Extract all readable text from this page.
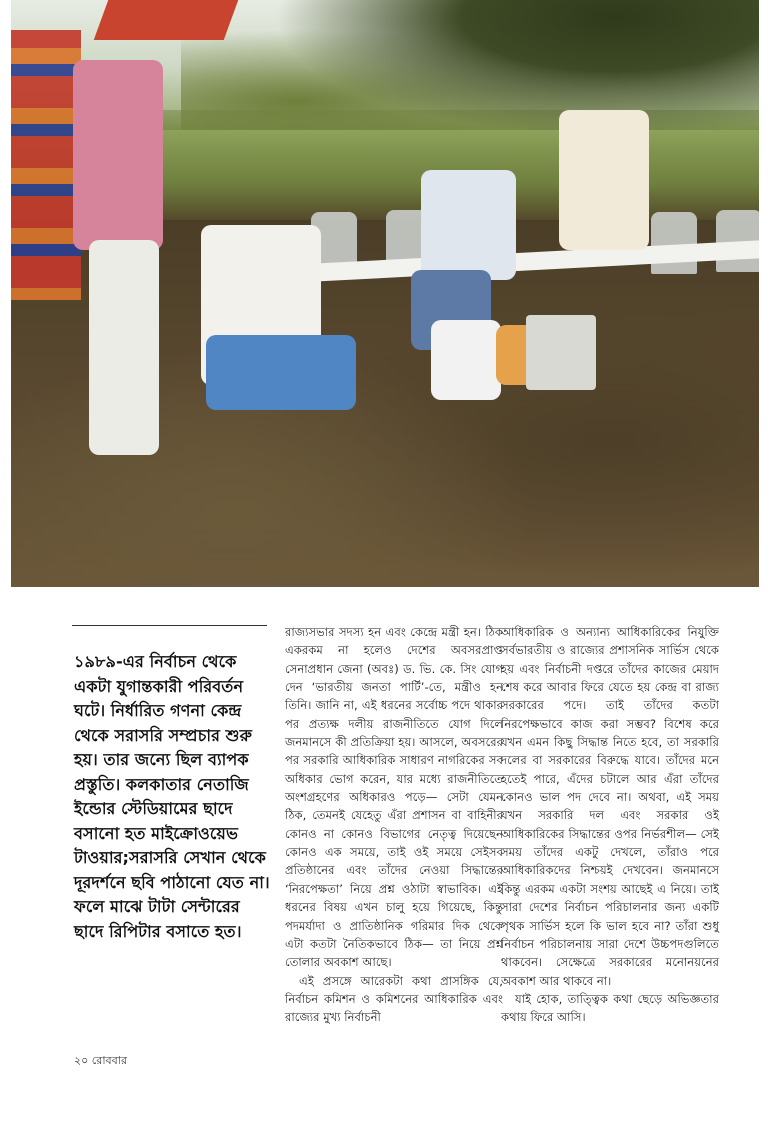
১৯৮৯-এর নির্বাচন থেকে একটা যুগান্তকারী পরিবর্তন ঘটে। নির্ধারিত গণনা কেন্দ্র থেকে সরাসরি সম্প্রচার শুরু হয়। তার জন্যে ছিল ব্যাপক প্রস্তুতি। কলকাতার নেতাজি ইন্ডোর স্টেডিয়ামের ছাদে বসানো হত মাইক্রোওয়েভ টাওয়ার;সরাসরি সেখান থেকে দূরদর্শনে ছবি পাঠানো যেত না। ফলে মাঝে টাটা সেন্টারের ছাদে রিপিটার বসাতে হত।

রাজ্যসভার সদস্য হন এবং কেন্দ্রে মন্ত্রী হন। ঠিক একরকম না হলেও দেশের অবসরপ্রাপ্ত সেনাপ্রধান জেনা (অবঃ) ড. ভি. কে. সিং যোগ দেন ‘ভারতীয় জনতা পার্টি’-তে, মন্ত্রীও হন তিনি। জানি না, এই ধরনের সর্বোচ্চ পদে থাকার পর প্রত্যক্ষ দলীয় রাজনীতিতে যোগ দিলে জনমানসে কী প্রতিক্রিয়া হয়। আসলে, অবসরের পর সরকারি আধিকারিক সাধারণ নাগরিকের সব অধিকার ভোগ করেন, যার মধ্যে রাজনীতিতে অংশগ্রহণের অধিকারও পড়ে— সেটা যেমন ঠিক, তেমনই যেহেতু এঁরা প্রশাসন বা বাহিনীর কোনও না কোনও বিভাগের নেতৃত্ব দিয়েছেন কোনও এক সময়ে, তাই ওই সময়ে সেইসব প্রতিষ্ঠানের এবং তাঁদের নেওয়া সিদ্ধান্তের ‘নিরপেক্ষতা’ নিয়ে প্রশ্ন ওঠাটা স্বাভাবিক। এই ধরনের বিষয় এখন চালু হয়ে গিয়েছে, কিন্তু পদমর্যাদা ও প্রাতিষ্ঠানিক গরিমার দিক থেকে এটা কতটা নৈতিকভাবে ঠিক— তা নিয়ে প্রশ্ন তোলার অবকাশ আছে।

এই প্রসঙ্গে আরেকটা কথা প্রাসঙ্গিক যে, নির্বাচন কমিশন ও কমিশনের আধিকারিক এবং রাজ্যের মুখ্য নির্বাচনী

আধিকারিক ও অন্যান্য আধিকারিকের নিযুক্তি সর্বভারতীয় ও রাজ্যের প্রশাসনিক সার্ভিস থেকে হয় এবং নির্বাচনী দপ্তরে তাঁদের কাজের মেয়াদ শেষ করে আবার ফিরে যেতে হয় কেন্দ্র বা রাজ্য সরকারের পদে। তাই তাঁদের কতটা নিরপেক্ষভাবে কাজ করা সম্ভব? বিশেষ করে যখন এমন কিছু সিদ্ধান্ত নিতে হবে, তা সরকারি দলের বা সরকারের বিরুদ্ধে যাবে। তাঁদের মনে হতেই পারে, এঁদের চটালে আর এঁরা তাঁদের কোনও ভাল পদ দেবে না। অথবা, এই সময় যখন সরকারি দল এবং সরকার ওই আধিকারিকের সিদ্ধান্তের ওপর নির্ভরশীল— সেই সময় তাঁদের একটু দেখলে, তাঁরাও পরে আধিকারিকদের নিশ্চয়ই দেখবেন। জনমানসে কিন্তু এরকম একটা সংশয় আছেই এ নিয়ে। তাই সারা দেশের নির্বাচন পরিচালনার জন্য একটি পৃথক সার্ভিস হলে কি ভাল হবে না? তাঁরা শুধু নির্বাচন পরিচালনায় সারা দেশে উচ্চপদগুলিতে থাকবেন। সেক্ষেত্রে সরকারের মনোনয়নের অবকাশ আর থাকবে না।

যাই হোক, তাত্ত্বিক কথা ছেড়ে অভিজ্ঞতার কথায় ফিরে আসি।

২০ রোববার
